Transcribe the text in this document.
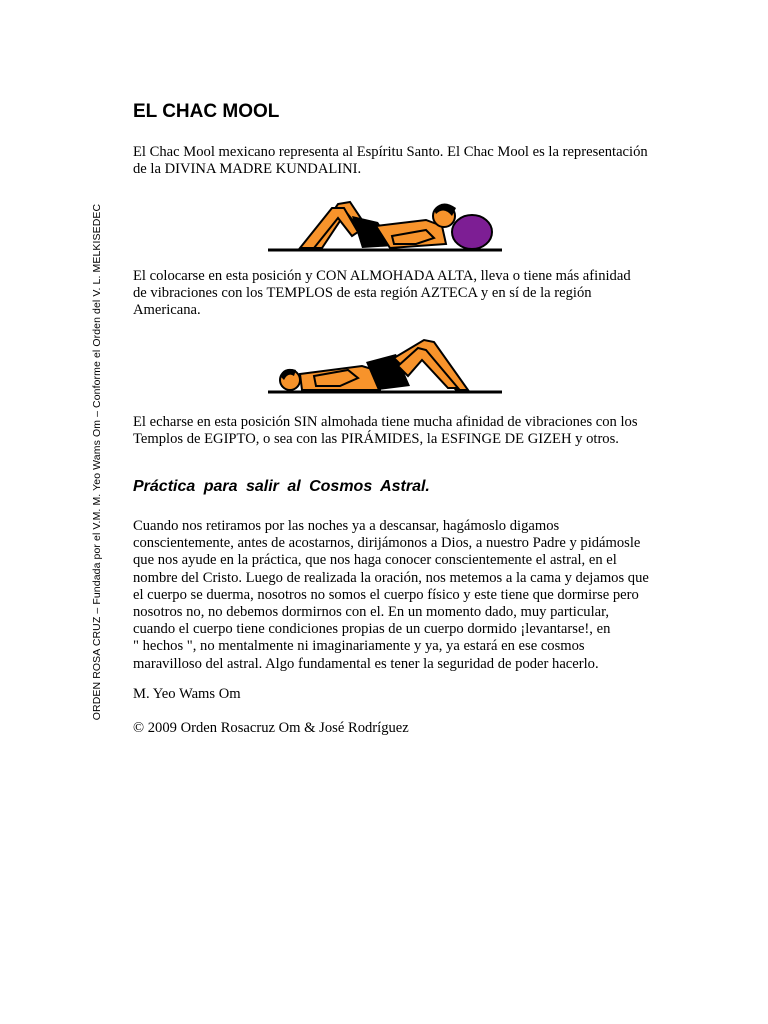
ORDEN ROSA CRUZ – Fundada por el V.M. M. Yeo Wams Om – Conforme el Orden del V. L. MELKISEDEC
EL CHAC MOOL

El Chac Mool mexicano representa al Espíritu Santo. El Chac Mool es la representación
de la DIVINA MADRE KUNDALINI.

El colocarse en esta posición y CON ALMOHADA ALTA, lleva o tiene más afinidad
de vibraciones con los TEMPLOS de esta región AZTECA y en sí de la región
Americana.

El echarse en esta posición SIN almohada tiene mucha afinidad de vibraciones con los
Templos de EGIPTO, o sea con las PIRÁMIDES, la ESFINGE DE GIZEH y otros.

Práctica para salir al Cosmos Astral.

Cuando nos retiramos por las noches ya a descansar, hagámoslo digamos
conscientemente, antes de acostarnos, dirijámonos a Dios, a nuestro Padre y pidámosle
que nos ayude en la práctica, que nos haga conocer conscientemente el astral, en el
nombre del Cristo. Luego de realizada la oración, nos metemos a la cama y dejamos que
el cuerpo se duerma, nosotros no somos el cuerpo físico y este tiene que dormirse pero
nosotros no, no debemos dormirnos con el. En un momento dado, muy particular,
cuando el cuerpo tiene condiciones propias de un cuerpo dormido ¡levantarse!, en
" hechos ", no mentalmente ni imaginariamente y ya, ya estará en ese cosmos
maravilloso del astral. Algo fundamental es tener la seguridad de poder hacerlo.

M. Yeo Wams Om

© 2009 Orden Rosacruz Om & José Rodríguez
